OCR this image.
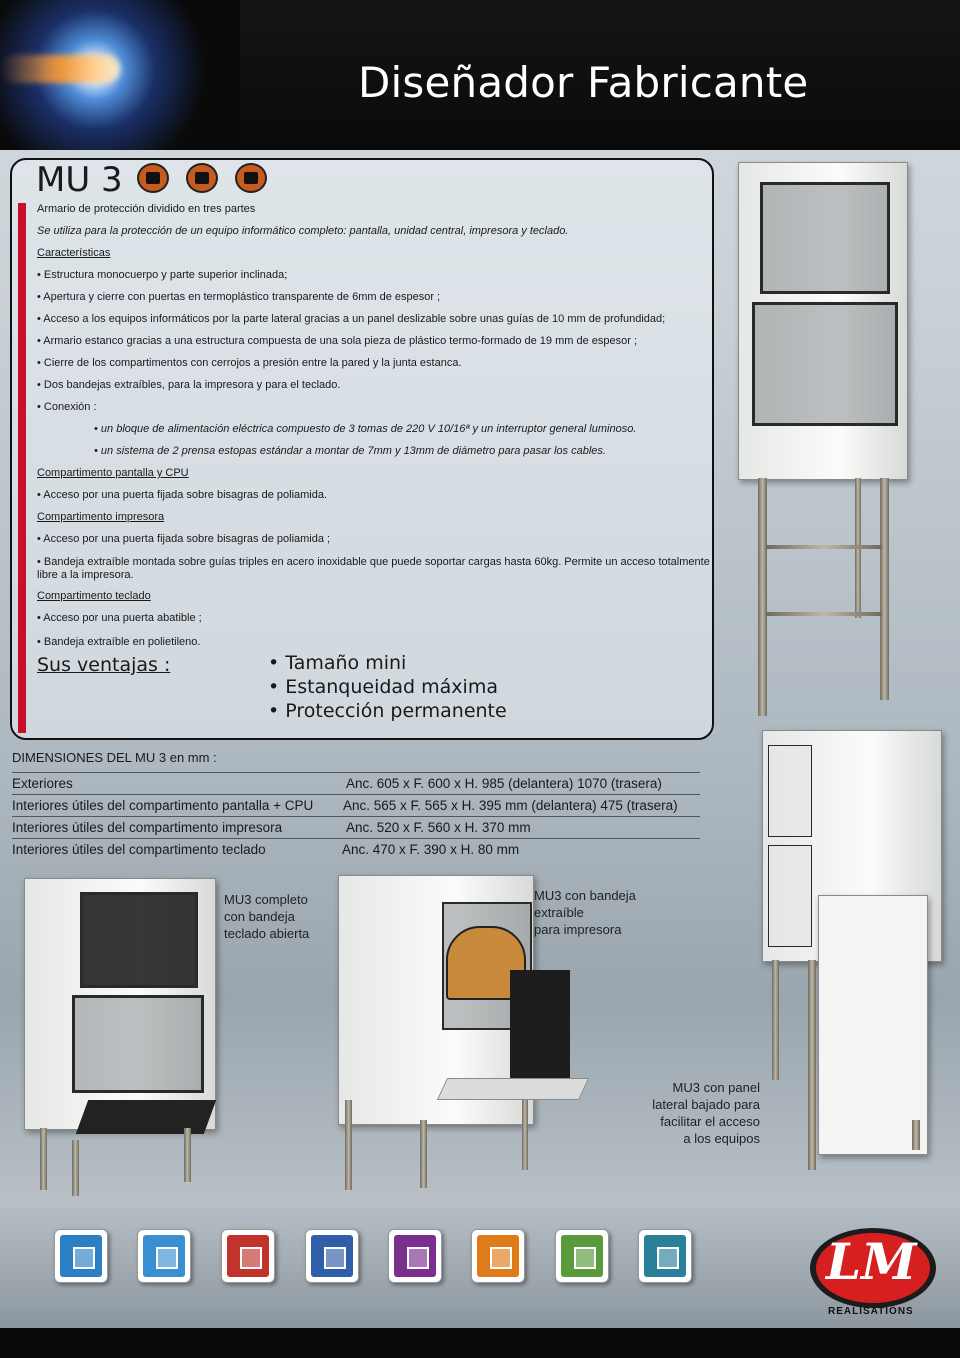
Diseñador Fabricante
MU 3
Armario de protección dividido en tres partes
Se utiliza para la protección de un equipo informático completo: pantalla, unidad central, impresora y teclado.
Características
• Estructura monocuerpo y parte superior inclinada;
• Apertura y cierre con puertas en termoplástico transparente de 6mm de espesor ;
• Acceso a los equipos informáticos por la parte lateral gracias a un panel deslizable sobre unas guías de 10 mm de profundidad;
• Armario estanco gracias a una estructura compuesta de una sola pieza de plástico termo-formado de 19 mm de espesor ;
• Cierre de los compartimentos con cerrojos a presión entre la pared y la junta estanca.
• Dos bandejas extraíbles, para la impresora y para el teclado.
• Conexión :
• un bloque de alimentación eléctrica compuesto de 3 tomas de 220 V 10/16ª y un interruptor general luminoso.
• un sistema de 2 prensa estopas estándar a montar de 7mm y 13mm de diámetro para pasar los cables.
Compartimento pantalla y CPU
• Acceso por una puerta fijada sobre bisagras de poliamida.
Compartimento impresora
• Acceso por una puerta fijada sobre bisagras de poliamida ;
• Bandeja extraíble montada sobre guías triples en acero inoxidable que puede soportar cargas hasta 60kg. Permite un acceso totalmente libre a la impresora.
Compartimento teclado
• Acceso por una puerta abatible ;
• Bandeja extraíble en polietileno.
Sus ventajas :	• Tamaño mini
• Estanqueidad máxima
• Protección permanente
DIMENSIONES DEL MU 3 en mm :
Exteriores	Anc. 605 x F. 600 x H. 985 (delantera) 1070 (trasera)
Interiores útiles del compartimento pantalla + CPU Anc. 565 x F. 565 x H. 395 mm (delantera) 475 (trasera)
Interiores útiles del compartimento impresora	Anc. 520 x F. 560 x H. 370 mm
Interiores útiles del compartimento teclado	Anc. 470 x F. 390 x H. 80 mm
MU3 con panel
lateral bajado para
facilitar el acceso
a los equipos
MU3 completo
con bandeja
teclado abierta
MU3 con bandeja
extraíble
para impresora
LM
REALISATIONS
